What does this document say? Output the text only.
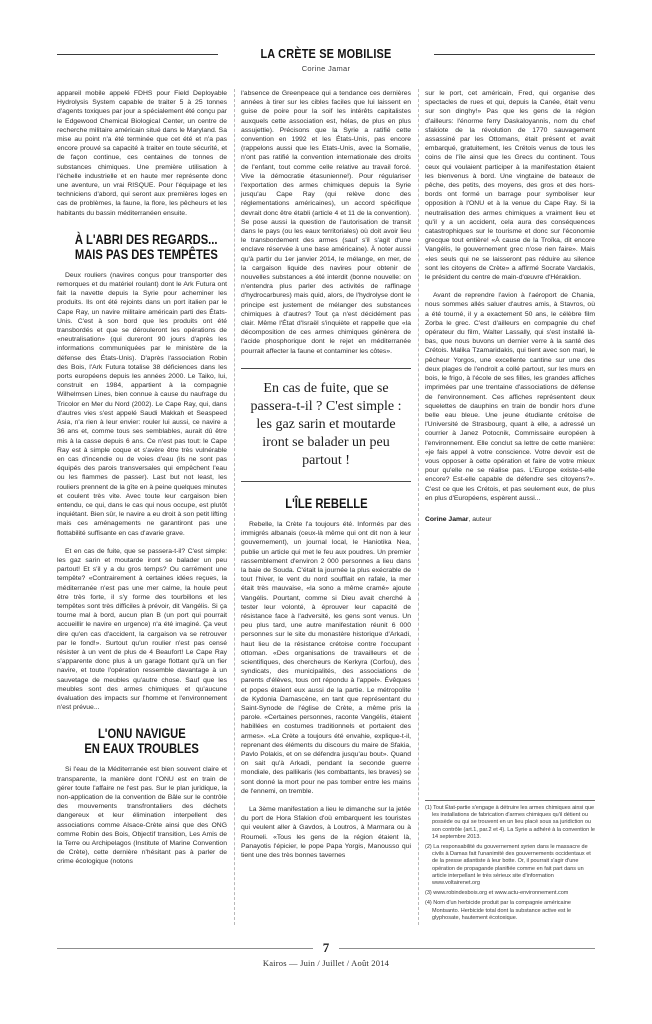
LA CRÈTE SE MOBILISE
Corine Jamar

appareil mobile appelé FDHS pour Field Deployable Hydrolysis System capable de traiter 5 à 25 tonnes d'agents toxiques par jour a spécialement été conçu par le Edgewood Chemical Biological Center, un centre de recherche militaire américain situé dans le Maryland. Sa mise au point n'a été terminée que cet été et n'a pas encore prouvé sa capacité à traiter en toute sécurité, et de façon continue, ces centaines de tonnes de substances chimiques. Une première utilisation à l'échelle industrielle et en haute mer représente donc une aventure, un vrai RISQUE. Pour l'équipage et les techniciens d'abord, qui seront aux premières loges en cas de problèmes, la faune, la flore, les pêcheurs et les habitants du bassin méditerranéen ensuite.

À L'ABRI DES REGARDS...
MAIS PAS DES TEMPÊTES

Deux rouliers (navires conçus pour transporter des remorques et du matériel roulant) dont le Ark Futura ont fait la navette depuis la Syrie pour acheminer les produits. Ils ont été rejoints dans un port italien par le Cape Ray, un navire militaire américain parti des États-Unis. C'est à son bord que les produits ont été transbordés et que se dérouleront les opérations de «neutralisation» (qui dureront 90 jours d'après les informations communiquées par le ministère de la défense des États-Unis). D'après l'association Robin des Bois, l'Ark Futura totalise 38 déficiences dans les ports européens depuis les années 2000. Le Taiko, lui, construit en 1984, appartient à la compagnie Wilhelmsen Lines, bien connue à cause du naufrage du Tricolor en Mer du Nord (2002). Le Cape Ray, qui, dans d'autres vies s'est appelé Saudi Makkah et Seaspeed Asia, n'a rien à leur envier: rouler lui aussi, ce navire a 36 ans et, comme tous ses semblables, aurait dû être mis à la casse depuis 6 ans. Ce n'est pas tout: le Cape Ray est à simple coque et s'avère être très vulnérable en cas d'incendie ou de voies d'eau (ils ne sont pas équipés des parois transversales qui empêchent l'eau ou les flammes de passer). Last but not least, les rouliers prennent de la gîte en à peine quelques minutes et coulent très vite. Avec toute leur cargaison bien entendu, ce qui, dans le cas qui nous occupe, est plutôt inquiétant. Bien sûr, le navire a eu droit à son petit lifting mais ces aménagements ne garantiront pas une flottabilité suffisante en cas d'avarie grave.

Et en cas de fuite, que se passera-t-il? C'est simple: les gaz sarin et moutarde iront se balader un peu partout! Et s'il y a du gros temps? Ou carrément une tempête? «Contrairement à certaines idées reçues, la méditerranée n'est pas une mer calme, la houle peut être très forte, il s'y forme des tourbillons et les tempêtes sont très difficiles à prévoir, dit Vangélis. Si ça tourne mal à bord, aucun plan B (un port qui pourrait accueillir le navire en urgence) n'a été imaginé. Ça veut dire qu'en cas d'accident, la cargaison va se retrouver par le fond!». Surtout qu'un roulier n'est pas censé résister à un vent de plus de 4 Beaufort! Le Cape Ray s'apparente donc plus à un garage flottant qu'à un fier navire, et toute l'opération ressemble davantage à un sauvetage de meubles qu'autre chose. Sauf que les meubles sont des armes chimiques et qu'aucune évaluation des impacts sur l'homme et l'environnement n'est prévue...

L'ONU NAVIGUE
EN EAUX TROUBLES

Si l'eau de la Méditerranée est bien souvent claire et transparente, la manière dont l'ONU est en train de gérer toute l'affaire ne l'est pas. Sur le plan juridique, la non-application de la convention de Bâle sur le contrôle des mouvements transfrontaliers des déchets dangereux et leur élimination interpellent des associations comme Alsace-Crète ainsi que des ONG comme Robin des Bois, Objectif transition, Les Amis de la Terre ou Archipelagos (Institute of Marine Convention de Crète), cette dernière n'hésitant pas à parler de crime écologique (notons

l'absence de Greenpeace qui a tendance ces dernières années à tirer sur les cibles faciles que lui laissent en guise de poire pour la soif les intérêts capitalistes auxquels cette association est, hélas, de plus en plus assujettie). Précisons que la Syrie a ratifié cette convention en 1992 et les États-Unis, pas encore (rappelons aussi que les Etats-Unis, avec la Somalie, n'ont pas ratifié la convention internationale des droits de l'enfant, tout comme celle relative au travail forcé. Vive la démocratie étasunienne!). Pour régulariser l'exportation des armes chimiques depuis la Syrie jusqu'au Cape Ray (qui relève donc des réglementations américaines), un accord spécifique devrait donc être établi (article 4 et 11 de la convention). Se pose aussi la question de l'autorisation de transit dans le pays (ou les eaux territoriales) où doit avoir lieu le transbordement des armes (sauf s'il s'agit d'une enclave réservée à une base américaine). À noter aussi qu'à partir du 1er janvier 2014, le mélange, en mer, de la cargaison liquide des navires pour obtenir de nouvelles substances a été interdit (bonne nouvelle: on n'entendra plus parler des activités de raffinage d'hydrocarbures) mais quid, alors, de l'hydrolyse dont le principe est justement de mélanger des substances chimiques à d'autres? Tout ça n'est décidément pas clair. Même l'État d'Israël s'inquiète et rappelle que «la décomposition de ces armes chimiques génèrera de l'acide phosphorique dont le rejet en méditerranée pourrait affecter la faune et contaminer les côtes».

En cas de fuite, que se passera-t-il ? C'est simple : les gaz sarin et moutarde iront se balader un peu partout !
L'ÎLE REBELLE

Rebelle, la Crète l'a toujours été. Informés par des immigrés albanais (ceux-là même qui ont dit non à leur gouvernement), un journal local, le Haniotika Nea, publie un article qui met le feu aux poudres. Un premier rassemblement d'environ 2 000 personnes a lieu dans la baie de Souda. C'était la journée la plus exécrable de tout l'hiver, le vent du nord soufflait en rafale, la mer était très mauvaise, «la sono a même cramé» ajoute Vangélis. Pourtant, comme si Dieu avait cherché à tester leur volonté, à éprouver leur capacité de résistance face à l'adversité, les gens sont venus. Un peu plus tard, une autre manifestation réunit 6 000 personnes sur le site du monastère historique d'Arkadi, haut lieu de la résistance crétoise contre l'occupant ottoman. «Des organisations de travailleurs et de scientifiques, des chercheurs de Kerkyra (Corfou), des syndicats, des municipalités, des associations de parents d'élèves, tous ont répondu à l'appel». Évêques et popes étaient eux aussi de la partie. Le métropolite de Kydonia Damascène, en tant que représentant du Saint-Synode de l'église de Crète, a même pris la parole. «Certaines personnes, raconte Vangélis, étaient habillées en costumes traditionnels et portaient des armes». «La Crète a toujours été envahie, explique-t-il, reprenant des éléments du discours du maire de Sfakia, Pavlo Polakis, et on se défendra jusqu'au bout». Quand on sait qu'à Arkadi, pendant la seconde guerre mondiale, des pallikaris (les combattants, les braves) se sont donné la mort pour ne pas tomber entre les mains de l'ennemi, on tremble.

La 3ème manifestation a lieu le dimanche sur la jetée du port de Hora Sfakion d'où embarquent les touristes qui veulent aller à Gavdos, à Loutros, à Marmara ou à Roumeli. «Tous les gens de la région étaient là, Panayotis l'épicier, le pope Papa Yorgis, Manousso qui tient une des très bonnes tavernes

sur le port, cet américain, Fred, qui organise des spectacles de rues et qui, depuis la Canée, était venu sur son dinghy!» Pas que les gens de la région d'ailleurs: l'énorme ferry Daskaloyannis, nom du chef sfakiote de la révolution de 1770 sauvagement assassiné par les Ottomans, était présent et avait embarqué, gratuitement, les Crétois venus de tous les coins de l'île ainsi que les Grecs du continent. Tous ceux qui voulaient participer à la manifestation étaient les bienvenus à bord. Une vingtaine de bateaux de pêche, des petits, des moyens, des gros et des hors-bords ont formé un barrage pour symboliser leur opposition à l'ONU et à la venue du Cape Ray. Si la neutralisation des armes chimiques a vraiment lieu et qu'il y a un accident, cela aura des conséquences catastrophiques sur le tourisme et donc sur l'économie grecque tout entière! «À cause de la Troïka, dit encore Vangélis, le gouvernement grec n'ose rien faire». Mais «les seuls qui ne se laisseront pas réduire au silence sont les citoyens de Crète» a affirmé Socrate Vardakis, le président du centre de main-d'œuvre d'Héraklion.

Avant de reprendre l'avion à l'aéroport de Chania, nous sommes allés saluer d'autres amis, à Stavros, où a été tourné, il y a exactement 50 ans, le célèbre film Zorba le grec. C'est d'ailleurs en compagnie du chef opérateur du film, Walter Lassally, qui s'est installé là-bas, que nous buvons un dernier verre à la santé des Crétois. Malika Tzamaridakis, qui tient avec son mari, le pêcheur Yorgos, une excellente cantine sur une des deux plages de l'endroit a collé partout, sur les murs en bois, le frigo, à l'école de ses filles, les grandes affiches imprimées par une trentaine d'associations de défense de l'environnement. Ces affiches représentent deux squelettes de dauphins en train de bondir hors d'une belle eau bleue. Une jeune étudiante crétoise de l'Université de Strasbourg, quant à elle, a adressé un courrier à Janez Potocnik, Commissaire européen à l'environnement. Elle conclut sa lettre de cette manière: «je fais appel à votre conscience. Votre devoir est de vous opposer à cette opération et faire de votre mieux pour qu'elle ne se réalise pas. L'Europe existe-t-elle encore? Est-elle capable de défendre ses citoyens?». C'est ce que les Crétois, et pas seulement eux, de plus en plus d'Européens, espèrent aussi...

Corine Jamar, auteur

(1) Tout État-partie s'engage à détruire les armes chimiques ainsi que les installations de fabrication d'armes chimiques qu'il détient ou possède ou qui se trouvent en un lieu placé sous sa juridiction ou son contrôle (art.1, par.2 et 4). La Syrie a adhéré à la convention le 14 septembre 2013.

(2) La responsabilité du gouvernement syrien dans le massacre de civils à Damas fait l'unanimité des gouvernements occidentaux et de la presse atlantiste à leur botte. Or, il pourrait s'agir d'une opération de propagande planifiée comme en fait part dans un article interpellant le très sérieux site d'information www.voltairenet.org

(3) www.robindesbois.org et www.actu-environnement.com

(4) Nom d'un herbicide produit par la compagnie américaine Montsanto. Herbicide total dont la substance active est le glyphosate, hautement écotoxique.

7
Kairos — Juin / Juillet / Août 2014
